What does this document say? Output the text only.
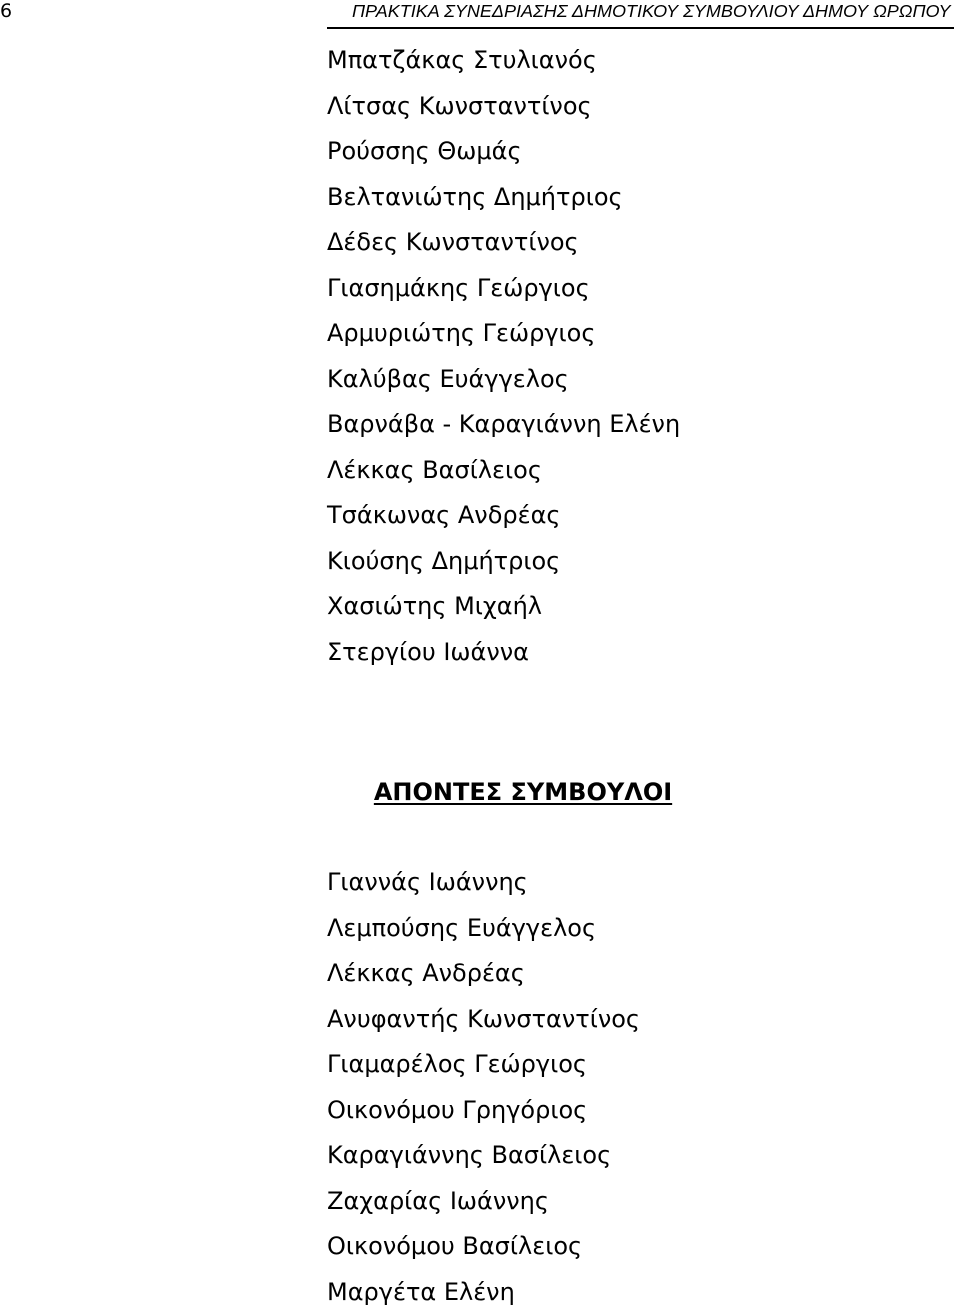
6	ΠΡΑΚΤΙΚΑ ΣΥΝΕΔΡΙΑΣΗΣ ΔΗΜΟΤΙΚΟΥ ΣΥΜΒΟΥΛΙΟΥ ΔΗΜΟΥ ΩΡΩΠΟΥ
Μπατζάκας Στυλιανός
Λίτσας Κωνσταντίνος
Ρούσσης Θωμάς
Βελτανιώτης Δημήτριος
Δέδες Κωνσταντίνος
Γιασημάκης Γεώργιος
Αρμυριώτης Γεώργιος
Καλύβας Ευάγγελος
Βαρνάβα - Καραγιάννη Ελένη
Λέκκας Βασίλειος
Τσάκωνας Ανδρέας
Κιούσης Δημήτριος
Χασιώτης Μιχαήλ
Στεργίου Ιωάννα
ΑΠΟΝΤΕΣ ΣΥΜΒΟΥΛΟΙ
Γιαννάς Ιωάννης
Λεμπούσης Ευάγγελος
Λέκκας Ανδρέας
Ανυφαντής Κωνσταντίνος
Γιαμαρέλος Γεώργιος
Οικονόμου Γρηγόριος
Καραγιάννης Βασίλειος
Ζαχαρίας Ιωάννης
Οικονόμου Βασίλειος
Μαργέτα Ελένη
